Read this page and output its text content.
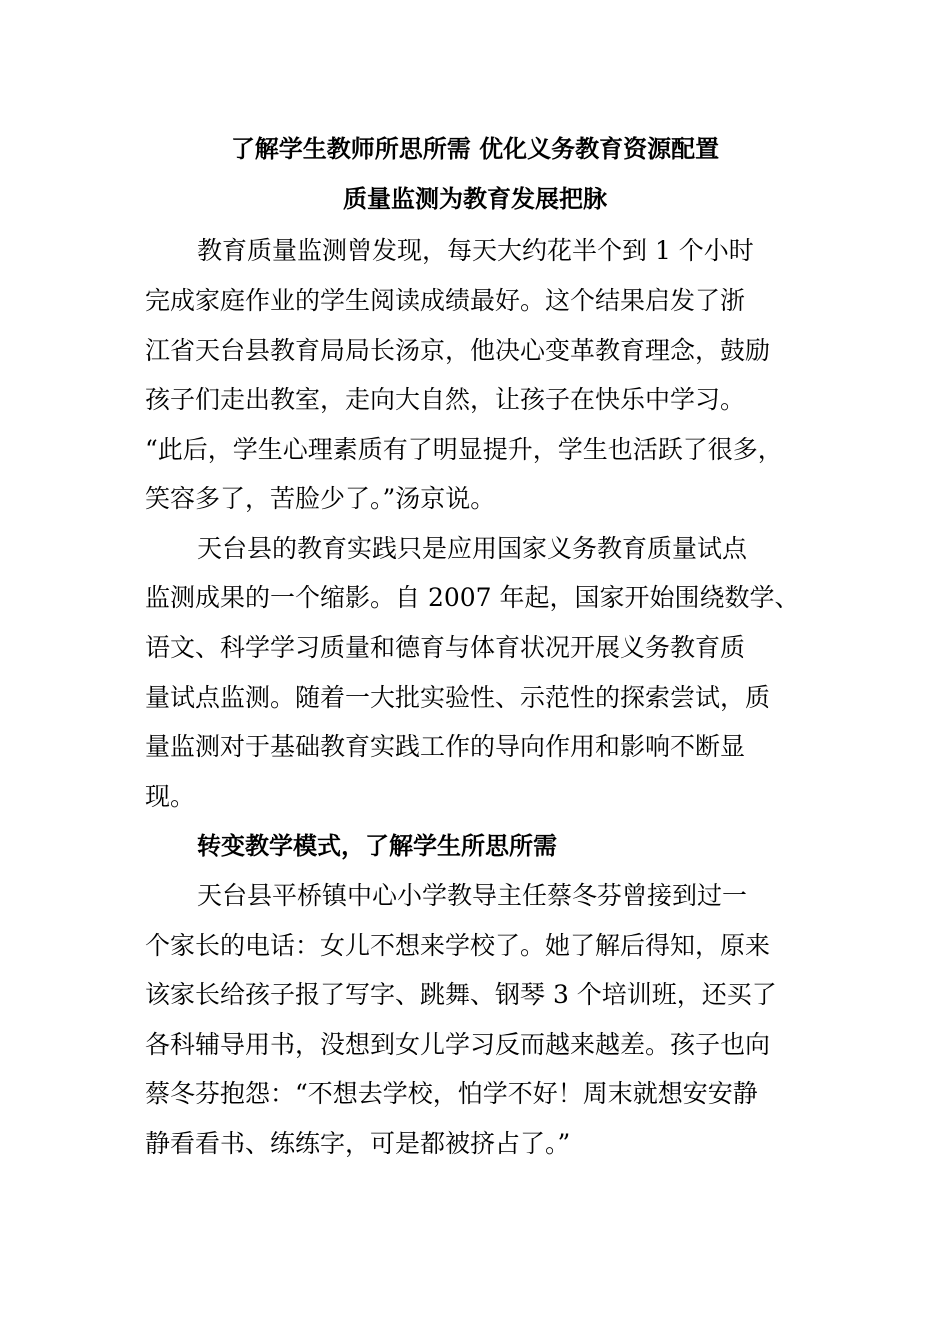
了解学生教师所思所需 优化义务教育资源配置
质量监测为教育发展把脉
教育质量监测曾发现，每天大约花半个到 1 个小时
完成家庭作业的学生阅读成绩最好。这个结果启发了浙
江省天台县教育局局长汤京，他决心变革教育理念，鼓励
孩子们走出教室，走向大自然，让孩子在快乐中学习。
“此后，学生心理素质有了明显提升，学生也活跃了很多，
笑容多了，苦脸少了。”汤京说。
天台县的教育实践只是应用国家义务教育质量试点
监测成果的一个缩影。自 2007 年起，国家开始围绕数学、
语文、科学学习质量和德育与体育状况开展义务教育质
量试点监测。随着一大批实验性、示范性的探索尝试，质
量监测对于基础教育实践工作的导向作用和影响不断显
现。
转变教学模式，了解学生所思所需
天台县平桥镇中心小学教导主任蔡冬芬曾接到过一
个家长的电话：女儿不想来学校了。她了解后得知，原来
该家长给孩子报了写字、跳舞、钢琴 3 个培训班，还买了
各科辅导用书，没想到女儿学习反而越来越差。孩子也向
蔡冬芬抱怨：“不想去学校，怕学不好！周末就想安安静
静看看书、练练字，可是都被挤占了。”
